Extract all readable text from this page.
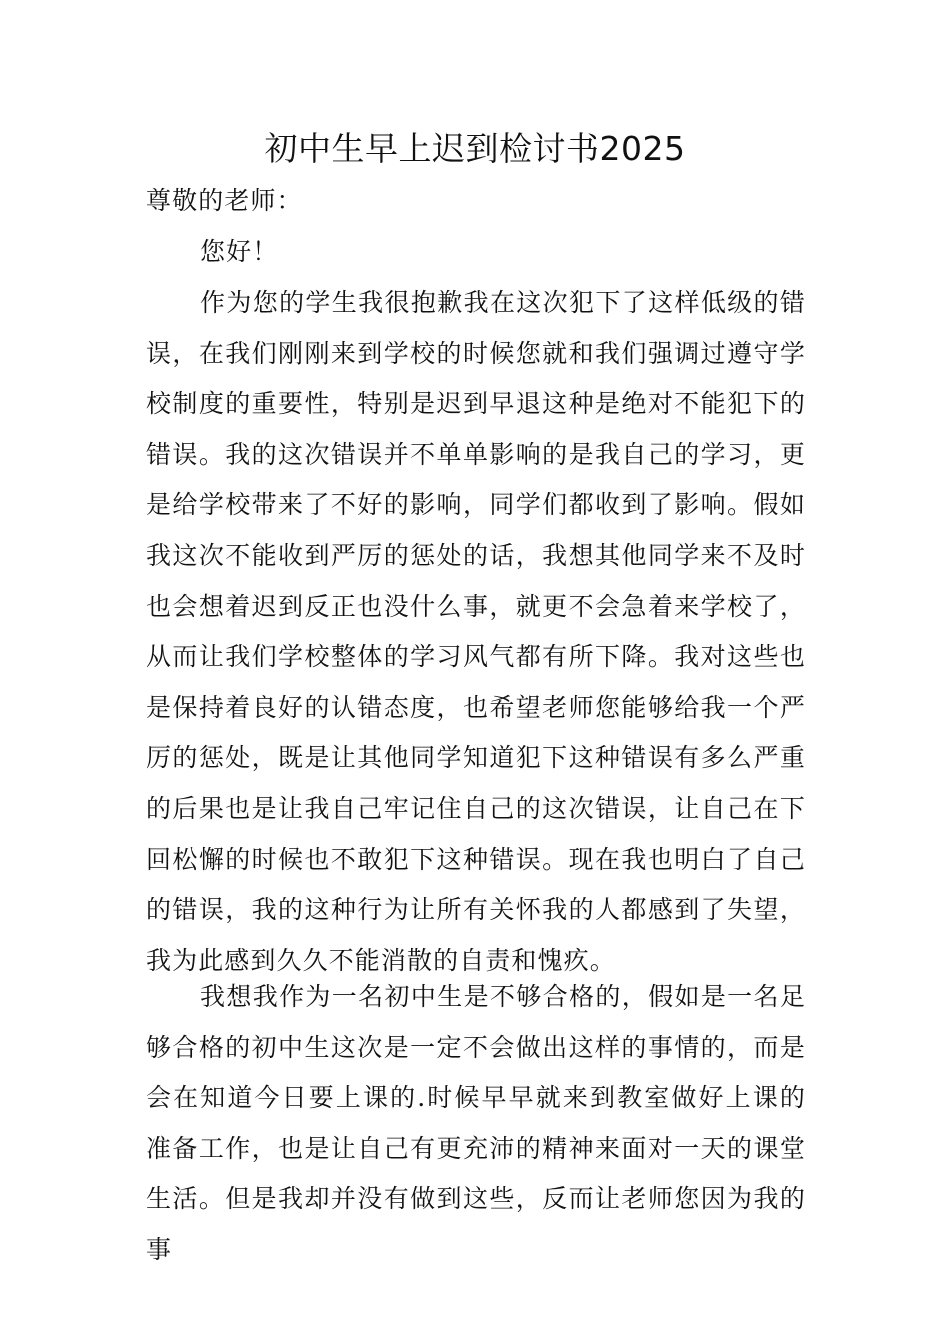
初中生早上迟到检讨书2025
尊敬的老师：
您好！
作为您的学生我很抱歉我在这次犯下了这样低级的错误，在我们刚刚来到学校的时候您就和我们强调过遵守学校制度的重要性，特别是迟到早退这种是绝对不能犯下的错误。我的这次错误并不单单影响的是我自己的学习，更是给学校带来了不好的影响，同学们都收到了影响。假如我这次不能收到严厉的惩处的话，我想其他同学来不及时也会想着迟到反正也没什么事，就更不会急着来学校了，从而让我们学校整体的学习风气都有所下降。我对这些也是保持着良好的认错态度，也希望老师您能够给我一个严厉的惩处，既是让其他同学知道犯下这种错误有多么严重的后果也是让我自己牢记住自己的这次错误，让自己在下回松懈的时候也不敢犯下这种错误。现在我也明白了自己的错误，我的这种行为让所有关怀我的人都感到了失望，我为此感到久久不能消散的自责和愧疚。
我想我作为一名初中生是不够合格的，假如是一名足够合格的初中生这次是一定不会做出这样的事情的，而是会在知道今日要上课的.时候早早就来到教室做好上课的准备工作，也是让自己有更充沛的精神来面对一天的课堂生活。但是我却并没有做到这些，反而让老师您因为我的事
